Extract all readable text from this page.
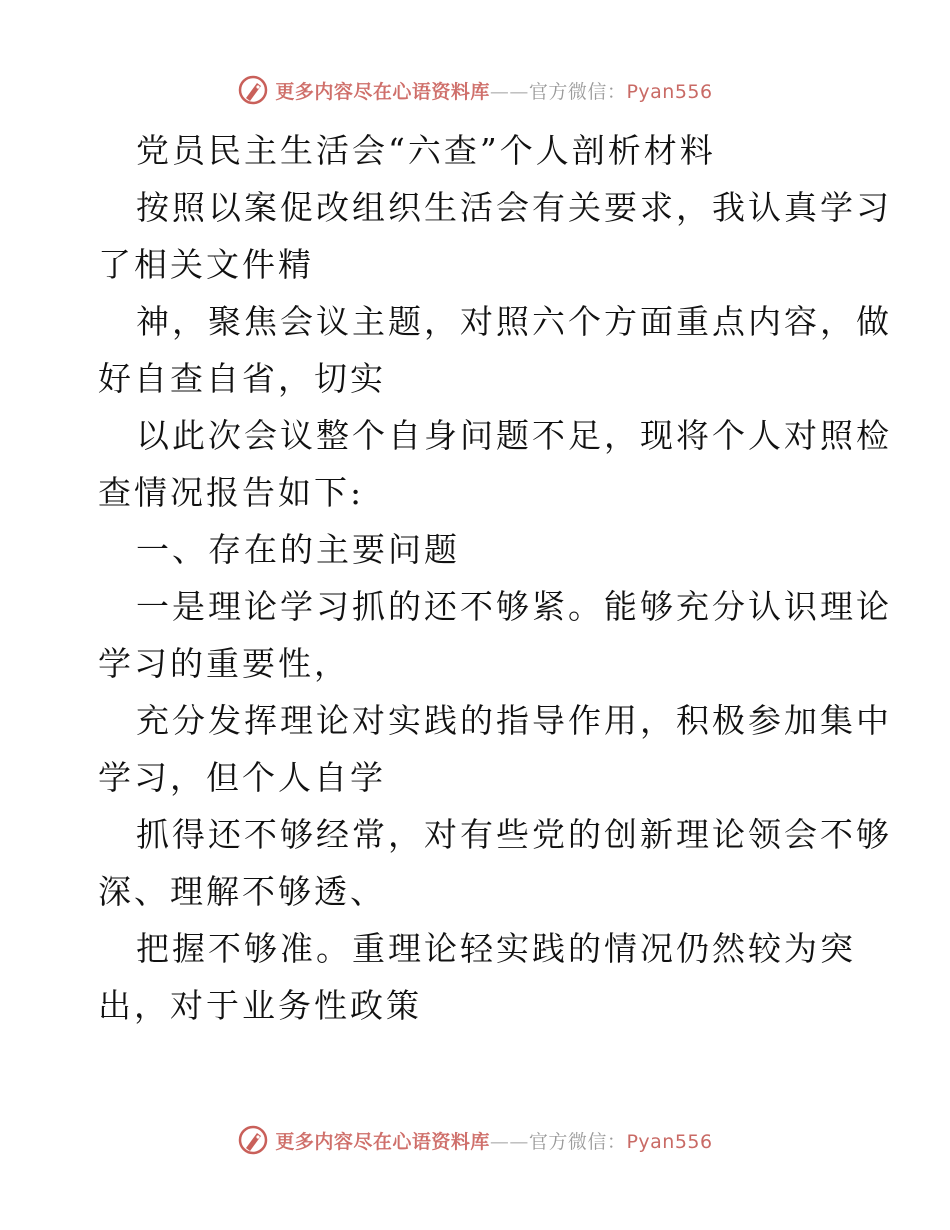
更多内容尽在心语资料库——官方微信：Pyan556
党员民主生活会“六查”个人剖析材料
按照以案促改组织生活会有关要求，我认真学习
了相关文件精
神，聚焦会议主题，对照六个方面重点内容，做
好自查自省，切实
以此次会议整个自身问题不足，现将个人对照检
查情况报告如下:
一、存在的主要问题
一是理论学习抓的还不够紧。能够充分认识理论
学习的重要性，
充分发挥理论对实践的指导作用，积极参加集中
学习，但个人自学
抓得还不够经常，对有些党的创新理论领会不够
深、理解不够透、
把握不够准。重理论轻实践的情况仍然较为突
出，对于业务性政策
更多内容尽在心语资料库——官方微信：Pyan556
